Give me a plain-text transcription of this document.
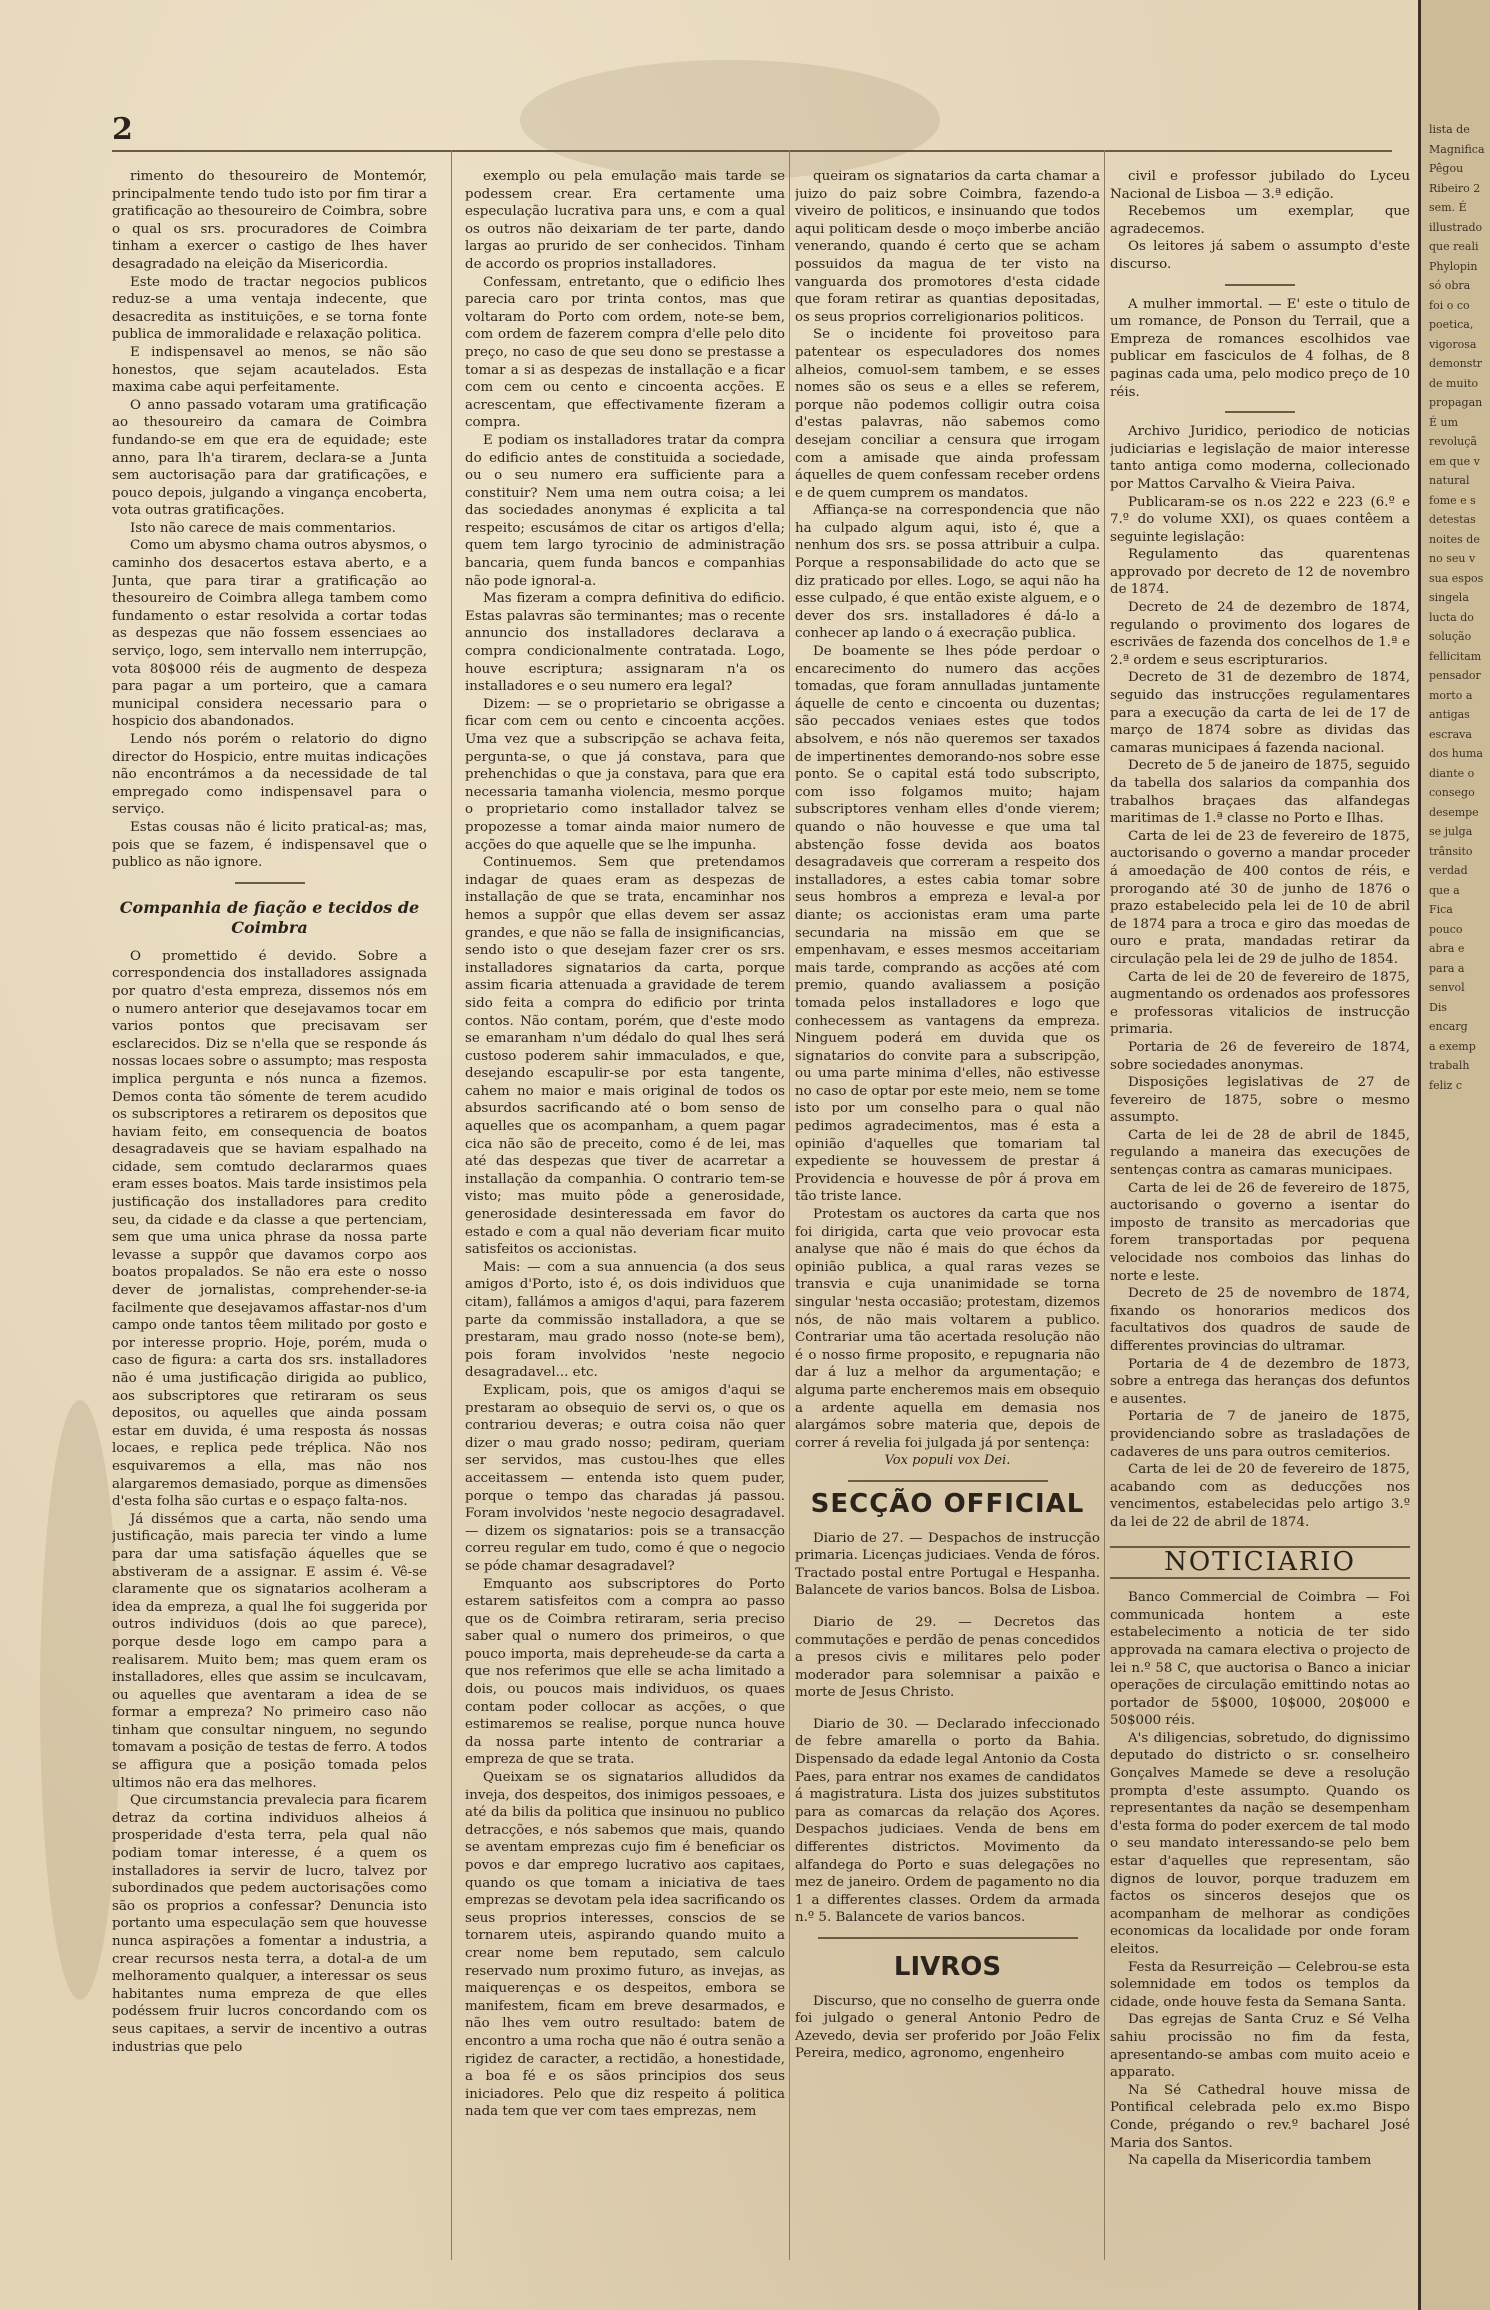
2

rimento do thesoureiro de Montemór, principalmente tendo tudo isto por fim tirar a gratificação ao thesoureiro de Coimbra, sobre o qual os srs. procuradores de Coimbra tinham a exercer o castigo de lhes haver desagradado na eleição da Misericordia.

Este modo de tractar negocios publicos reduz-se a uma ventaja indecente, que desacredita as instituições, e se torna fonte publica de immoralidade e relaxação politica.

E indispensavel ao menos, se não são honestos, que sejam acautelados. Esta maxima cabe aqui perfeitamente.

O anno passado votaram uma gratificação ao thesoureiro da camara de Coimbra fundando-se em que era de equidade; este anno, para lh'a tirarem, declara-se a Junta sem auctorisação para dar gratificações, e pouco depois, julgando a vingança encoberta, vota outras gratificações.

Isto não carece de mais commentarios.

Como um abysmo chama outros abysmos, o caminho dos desacertos estava aberto, e a Junta, que para tirar a gratificação ao thesoureiro de Coimbra allega tambem como fundamento o estar resolvida a cortar todas as despezas que não fossem essenciaes ao serviço, logo, sem intervallo nem interrupção, vota 80$000 réis de augmento de despeza para pagar a um porteiro, que a camara municipal considera necessario para o hospicio dos abandonados.

Lendo nós porém o relatorio do digno director do Hospicio, entre muitas indicações não encontrámos a da necessidade de tal empregado como indispensavel para o serviço.

Estas cousas não é licito pratical-as; mas, pois que se fazem, é indispensavel que o publico as não ignore.

Companhia de fiação e tecidos de Coimbra

O promettido é devido. Sobre a correspondencia dos installadores assignada por quatro d'esta empreza, dissemos nós em o numero anterior que desejavamos tocar em varios pontos que precisavam ser esclarecidos. Diz se n'ella que se responde ás nossas locaes sobre o assumpto; mas resposta implica pergunta e nós nunca a fizemos. Demos conta tão sómente de terem acudido os subscriptores a retirarem os depositos que haviam feito, em consequencia de boatos desagradaveis que se haviam espalhado na cidade, sem comtudo declararmos quaes eram esses boatos. Mais tarde insistimos pela justificação dos installadores para credito seu, da cidade e da classe a que pertenciam, sem que uma unica phrase da nossa parte levasse a suppôr que davamos corpo aos boatos propalados. Se não era este o nosso dever de jornalistas, comprehender-se-ia facilmente que desejavamos affastar-nos d'um campo onde tantos têem militado por gosto e por interesse proprio. Hoje, porém, muda o caso de figura: a carta dos srs. installadores não é uma justificação dirigida ao publico, aos subscriptores que retiraram os seus depositos, ou aquelles que ainda possam estar em duvida, é uma resposta ás nossas locaes, e replica pede tréplica. Não nos esquivaremos a ella, mas não nos alargaremos demasiado, porque as dimensões d'esta folha são curtas e o espaço falta-nos.

Já dissémos que a carta, não sendo uma justificação, mais parecia ter vindo a lume para dar uma satisfação áquelles que se abstiveram de a assignar. E assim é. Vê-se claramente que os signatarios acolheram a idea da empreza, a qual lhe foi suggerida por outros individuos (dois ao que parece), porque desde logo em campo para a realisarem. Muito bem; mas quem eram os installadores, elles que assim se inculcavam, ou aquelles que aventaram a idea de se formar a empreza? No primeiro caso não tinham que consultar ninguem, no segundo tomavam a posição de testas de ferro. A todos se affigura que a posição tomada pelos ultimos não era das melhores.

Que circumstancia prevalecia para ficarem detraz da cortina individuos alheios á prosperidade d'esta terra, pela qual não podiam tomar interesse, é a quem os installadores ia servir de lucro, talvez por subordinados que pedem auctorisações como são os proprios a confessar? Denuncia isto portanto uma especulação sem que houvesse nunca aspirações a fomentar a industria, a crear recursos nesta terra, a dotal-a de um melhoramento qualquer, a interessar os seus habitantes numa empreza de que elles podéssem fruir lucros concordando com os seus capitaes, a servir de incentivo a outras industrias que pelo

exemplo ou pela emulação mais tarde se podessem crear. Era certamente uma especulação lucrativa para uns, e com a qual os outros não deixariam de ter parte, dando largas ao prurido de ser conhecidos. Tinham de accordo os proprios installadores.

Confessam, entretanto, que o edificio lhes parecia caro por trinta contos, mas que voltaram do Porto com ordem, note-se bem, com ordem de fazerem compra d'elle pelo dito preço, no caso de que seu dono se prestasse a tomar a si as despezas de installação e a ficar com cem ou cento e cincoenta acções. E acrescentam, que effectivamente fizeram a compra.

E podiam os installadores tratar da compra do edificio antes de constituida a sociedade, ou o seu numero era sufficiente para a constituir? Nem uma nem outra coisa; a lei das sociedades anonymas é explicita a tal respeito; escusámos de citar os artigos d'ella; quem tem largo tyrocinio de administração bancaria, quem funda bancos e companhias não pode ignoral-a.

Mas fizeram a compra definitiva do edificio. Estas palavras são terminantes; mas o recente annuncio dos installadores declarava a compra condicionalmente contratada. Logo, houve escriptura; assignaram n'a os installadores e o seu numero era legal?

Dizem: — se o proprietario se obrigasse a ficar com cem ou cento e cincoenta acções. Uma vez que a subscripção se achava feita, pergunta-se, o que já constava, para que prehenchidas o que ja constava, para que era necessaria tamanha violencia, mesmo porque o proprietario como installador talvez se propozesse a tomar ainda maior numero de acções do que aquelle que se lhe impunha.

Continuemos. Sem que pretendamos indagar de quaes eram as despezas de installação de que se trata, encaminhar nos hemos a suppôr que ellas devem ser assaz grandes, e que não se falla de insignificancias, sendo isto o que desejam fazer crer os srs. installadores signatarios da carta, porque assim ficaria attenuada a gravidade de terem sido feita a compra do edificio por trinta contos. Não contam, porém, que d'este modo se emaranham n'um dédalo do qual lhes será custoso poderem sahir immaculados, e que, desejando escapulir-se por esta tangente, cahem no maior e mais original de todos os absurdos sacrificando até o bom senso de aquelles que os acompanham, a quem pagar cica não são de preceito, como é de lei, mas até das despezas que tiver de acarretar a installação da companhia. O contrario tem-se visto; mas muito pôde a generosidade, generosidade desinteressada em favor do estado e com a qual não deveriam ficar muito satisfeitos os accionistas.

Mais: — com a sua annuencia (a dos seus amigos d'Porto, isto é, os dois individuos que citam), fallámos a amigos d'aqui, para fazerem parte da commissão installadora, a que se prestaram, mau grado nosso (note-se bem), pois foram involvidos 'neste negocio desagradavel... etc.

Explicam, pois, que os amigos d'aqui se prestaram ao obsequio de servi os, o que os contrariou deveras; e outra coisa não quer dizer o mau grado nosso; pediram, queriam ser servidos, mas custou-lhes que elles acceitassem — entenda isto quem puder, porque o tempo das charadas já passou. Foram involvidos 'neste negocio desagradavel. — dizem os signatarios: pois se a transacção correu regular em tudo, como é que o negocio se póde chamar desagradavel?

Emquanto aos subscriptores do Porto estarem satisfeitos com a compra ao passo que os de Coimbra retiraram, seria preciso saber qual o numero dos primeiros, o que pouco importa, mais depreheude-se da carta a que nos referimos que elle se acha limitado a dois, ou poucos mais individuos, os quaes contam poder collocar as acções, o que estimaremos se realise, porque nunca houve da nossa parte intento de contrariar a empreza de que se trata.

Queixam se os signatarios alludidos da inveja, dos despeitos, dos inimigos pessoaes, e até da bilis da politica que insinuou no publico detracções, e nós sabemos que mais, quando se aventam emprezas cujo fim é beneficiar os povos e dar emprego lucrativo aos capitaes, quando os que tomam a iniciativa de taes emprezas se devotam pela idea sacrificando os seus proprios interesses, conscios de se tornarem uteis, aspirando quando muito a crear nome bem reputado, sem calculo reservado num proximo futuro, as invejas, as maiquerenças e os despeitos, embora se manifestem, ficam em breve desarmados, e não lhes vem outro resultado: batem de encontro a uma rocha que não é outra senão a rigidez de caracter, a rectidão, a honestidade, a boa fé e os sãos principios dos seus iniciadores. Pelo que diz respeito á politica nada tem que ver com taes emprezas, nem

queiram os signatarios da carta chamar a juizo do paiz sobre Coimbra, fazendo-a viveiro de politicos, e insinuando que todos aqui politicam desde o moço imberbe ancião venerando, quando é certo que se acham possuidos da magua de ter visto na vanguarda dos promotores d'esta cidade que foram retirar as quantias depositadas, os seus proprios correligionarios politicos.

Se o incidente foi proveitoso para patentear os especuladores dos nomes alheios, comuol-sem tambem, e se esses nomes são os seus e a elles se referem, porque não podemos colligir outra coisa d'estas palavras, não sabemos como desejam conciliar a censura que irrogam com a amisade que ainda professam áquelles de quem confessam receber ordens e de quem cumprem os mandatos.

Affiança-se na correspondencia que não ha culpado algum aqui, isto é, que a nenhum dos srs. se possa attribuir a culpa. Porque a responsabilidade do acto que se diz praticado por elles. Logo, se aqui não ha esse culpado, é que então existe alguem, e o dever dos srs. installadores é dá-lo a conhecer ap lando o á execração publica.

De boamente se lhes póde perdoar o encarecimento do numero das acções tomadas, que foram annulladas juntamente áquelle de cento e cincoenta ou duzentas; são peccados veniaes estes que todos absolvem, e nós não queremos ser taxados de impertinentes demorando-nos sobre esse ponto. Se o capital está todo subscripto, com isso folgamos muito; hajam subscriptores venham elles d'onde vierem; quando o não houvesse e que uma tal abstenção fosse devida aos boatos desagradaveis que correram a respeito dos installadores, a estes cabia tomar sobre seus hombros a empreza e leval-a por diante; os accionistas eram uma parte secundaria na missão em que se empenhavam, e esses mesmos acceitariam mais tarde, comprando as acções até com premio, quando avaliassem a posição tomada pelos installadores e logo que conhecessem as vantagens da empreza. Ninguem poderá em duvida que os signatarios do convite para a subscripção, ou uma parte minima d'elles, não estivesse no caso de optar por este meio, nem se tome isto por um conselho para o qual não pedimos agradecimentos, mas é esta a opinião d'aquelles que tomariam tal expediente se houvessem de prestar á Providencia e houvesse de pôr á prova em tão triste lance.

Protestam os auctores da carta que nos foi dirigida, carta que veio provocar esta analyse que não é mais do que échos da opinião publica, a qual raras vezes se transvia e cuja unanimidade se torna singular 'nesta occasião; protestam, dizemos nós, de não mais voltarem a publico. Contrariar uma tão acertada resolução não é o nosso firme proposito, e repugnaria não dar á luz a melhor da argumentação; e alguma parte encheremos mais em obsequio a ardente aquella em demasia nos alargámos sobre materia que, depois de correr á revelia foi julgada já por sentença:

Vox populi vox Dei.
SECÇÃO OFFICIAL

Diario de 27. — Despachos de instrucção primaria. Licenças judiciaes. Venda de fóros. Tractado postal entre Portugal e Hespanha. Balancete de varios bancos. Bolsa de Lisboa.

Diario de 29. — Decretos das commutações e perdão de penas concedidos a presos civis e militares pelo poder moderador para solemnisar a paixão e morte de Jesus Christo.

Diario de 30. — Declarado infeccionado de febre amarella o porto da Bahia. Dispensado da edade legal Antonio da Costa Paes, para entrar nos exames de candidatos á magistratura. Lista dos juizes substitutos para as comarcas da relação dos Açores. Despachos judiciaes. Venda de bens em differentes districtos. Movimento da alfandega do Porto e suas delegações no mez de janeiro. Ordem de pagamento no dia 1 a differentes classes. Ordem da armada n.º 5. Balancete de varios bancos.

LIVROS

Discurso, que no conselho de guerra onde foi julgado o general Antonio Pedro de Azevedo, devia ser proferido por João Felix Pereira, medico, agronomo, engenheiro

civil e professor jubilado do Lyceu Nacional de Lisboa — 3.ª edição.

Recebemos um exemplar, que agradecemos.

Os leitores já sabem o assumpto d'este discurso.

A mulher immortal. — E' este o titulo de um romance, de Ponson du Terrail, que a Empreza de romances escolhidos vae publicar em fasciculos de 4 folhas, de 8 paginas cada uma, pelo modico preço de 10 réis.

Archivo Juridico, periodico de noticias judiciarias e legislação de maior interesse tanto antiga como moderna, collecionado por Mattos Carvalho & Vieira Paiva.

Publicaram-se os n.os 222 e 223 (6.º e 7.º do volume XXI), os quaes contêem a seguinte legislação:

Regulamento das quarentenas approvado por decreto de 12 de novembro de 1874.

Decreto de 24 de dezembro de 1874, regulando o provimento dos logares de escrivães de fazenda dos concelhos de 1.ª e 2.ª ordem e seus escripturarios.

Decreto de 31 de dezembro de 1874, seguido das instrucções regulamentares para a execução da carta de lei de 17 de março de 1874 sobre as dividas das camaras municipaes á fazenda nacional.

Decreto de 5 de janeiro de 1875, seguido da tabella dos salarios da companhia dos trabalhos braçaes das alfandegas maritimas de 1.ª classe no Porto e Ilhas.

Carta de lei de 23 de fevereiro de 1875, auctorisando o governo a mandar proceder á amoedação de 400 contos de réis, e prorogando até 30 de junho de 1876 o prazo estabelecido pela lei de 10 de abril de 1874 para a troca e giro das moedas de ouro e prata, mandadas retirar da circulação pela lei de 29 de julho de 1854.

Carta de lei de 20 de fevereiro de 1875, augmentando os ordenados aos professores e professoras vitalicios de instrucção primaria.

Portaria de 26 de fevereiro de 1874, sobre sociedades anonymas.

Disposições legislativas de 27 de fevereiro de 1875, sobre o mesmo assumpto.

Carta de lei de 28 de abril de 1845, regulando a maneira das execuções de sentenças contra as camaras municipaes.

Carta de lei de 26 de fevereiro de 1875, auctorisando o governo a isentar do imposto de transito as mercadorias que forem transportadas por pequena velocidade nos comboios das linhas do norte e leste.

Decreto de 25 de novembro de 1874, fixando os honorarios medicos dos facultativos dos quadros de saude de differentes provincias do ultramar.

Portaria de 4 de dezembro de 1873, sobre a entrega das heranças dos defuntos e ausentes.

Portaria de 7 de janeiro de 1875, providenciando sobre as trasladações de cadaveres de uns para outros cemiterios.

Carta de lei de 20 de fevereiro de 1875, acabando com as deducções nos vencimentos, estabelecidas pelo artigo 3.º da lei de 22 de abril de 1874.

NOTICIARIO

Banco Commercial de Coimbra — Foi communicada hontem a este estabelecimento a noticia de ter sido approvada na camara electiva o projecto de lei n.º 58 C, que auctorisa o Banco a iniciar operações de circulação emittindo notas ao portador de 5$000, 10$000, 20$000 e 50$000 réis.

A's diligencias, sobretudo, do dignissimo deputado do districto o sr. conselheiro Gonçalves Mamede se deve a resolução prompta d'este assumpto. Quando os representantes da nação se desempenham d'esta forma do poder exercem de tal modo o seu mandato interessando-se pelo bem estar d'aquelles que representam, são dignos de louvor, porque traduzem em factos os sinceros desejos que os acompanham de melhorar as condições economicas da localidade por onde foram eleitos.

Festa da Resurreição — Celebrou-se esta solemnidade em todos os templos da cidade, onde houve festa da Semana Santa.

Das egrejas de Santa Cruz e Sé Velha sahiu procissão no fim da festa, apresentando-se ambas com muito aceio e apparato.

Na Sé Cathedral houve missa de Pontifical celebrada pelo ex.mo Bispo Conde, prégando o rev.º bacharel José Maria dos Santos.

Na capella da Misericordia tambem

lista de
Magnifica
Pêgou
Ribeiro 2
sem. É
illustrado
que reali
Phylopin
só obra
foi o co
poetica,
vigorosa
demonstr
de muito
propagan
É um
revoluçã
em que v
natural
fome e s
detestas
noites de
no seu v
sua espos
singela
lucta do
solução
fellicitam
pensador
morto a
antigas
escrava
dos huma
diante o
consego
desempe
se julga
trânsito
verdad
que a
Fica
pouco
abra e
para a
senvol
Dis
encarg
a exemp
trabalh
feliz c
